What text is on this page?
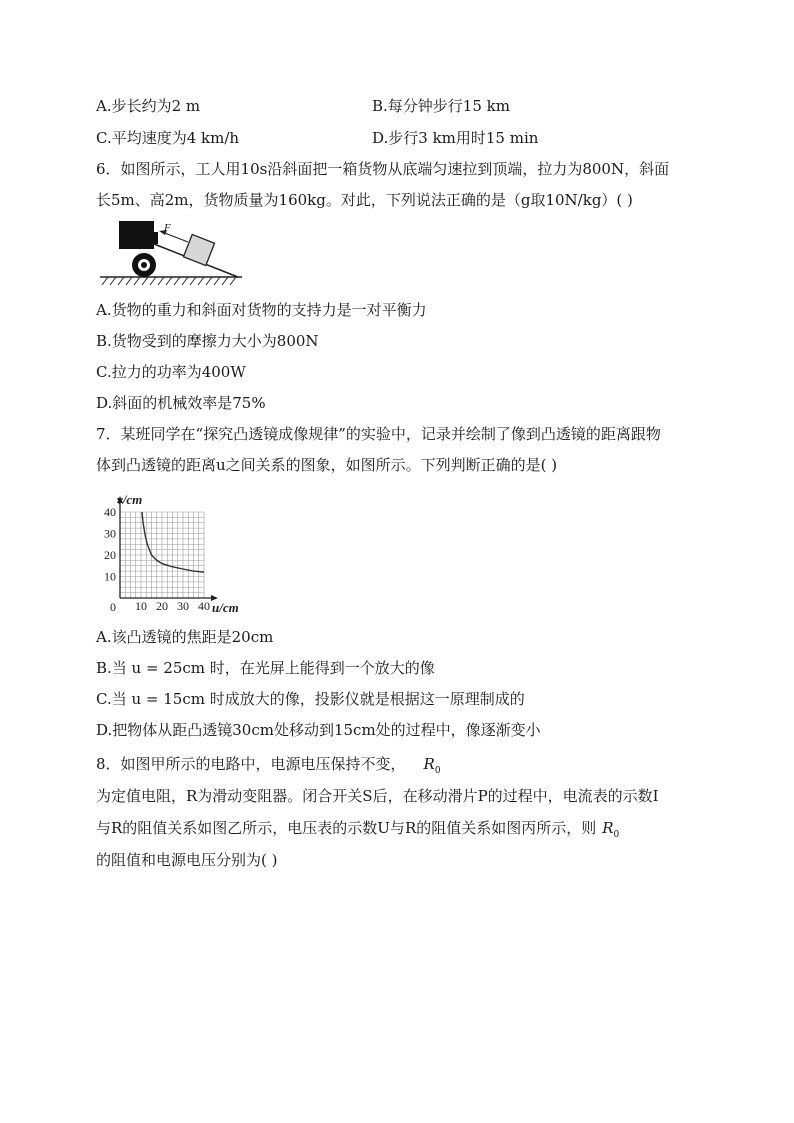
A.步长约为2 m	B.每分钟步行15 km
C.平均速度为4 km/h	D.步行3 km用时15 min
6．如图所示，工人用10s沿斜面把一箱货物从底端匀速拉到顶端，拉力为800N，斜面
长5m、高2m，货物质量为160kg。对此，下列说法正确的是（g取10N/kg）( )
F
A.货物的重力和斜面对货物的支持力是一对平衡力
B.货物受到的摩擦力大小为800N
C.拉力的功率为400W
D.斜面的机械效率是75%
7．某班同学在“探究凸透镜成像规律”的实验中，记录并绘制了像到凸透镜的距离跟物
体到凸透镜的距离u之间关系的图象，如图所示。下列判断正确的是( )
10 20 30 40
0
10
20
30
40
v/cm
u/cm
A.该凸透镜的焦距是20cm
B.当 u = 25cm 时，在光屏上能得到一个放大的像
C.当 u = 15cm 时成放大的像，投影仪就是根据这一原理制成的
D.把物体从距凸透镜30cm处移动到15cm处的过程中，像逐渐变小
8．如图甲所示的电路中，电源电压保持不变， $R_0$
为定值电阻，R为滑动变阻器。闭合开关S后，在移动滑片P的过程中，电流表的示数I
与R的阻值关系如图乙所示，电压表的示数U与R的阻值关系如图丙所示，则 $R_0$
的阻值和电源电压分别为( )
